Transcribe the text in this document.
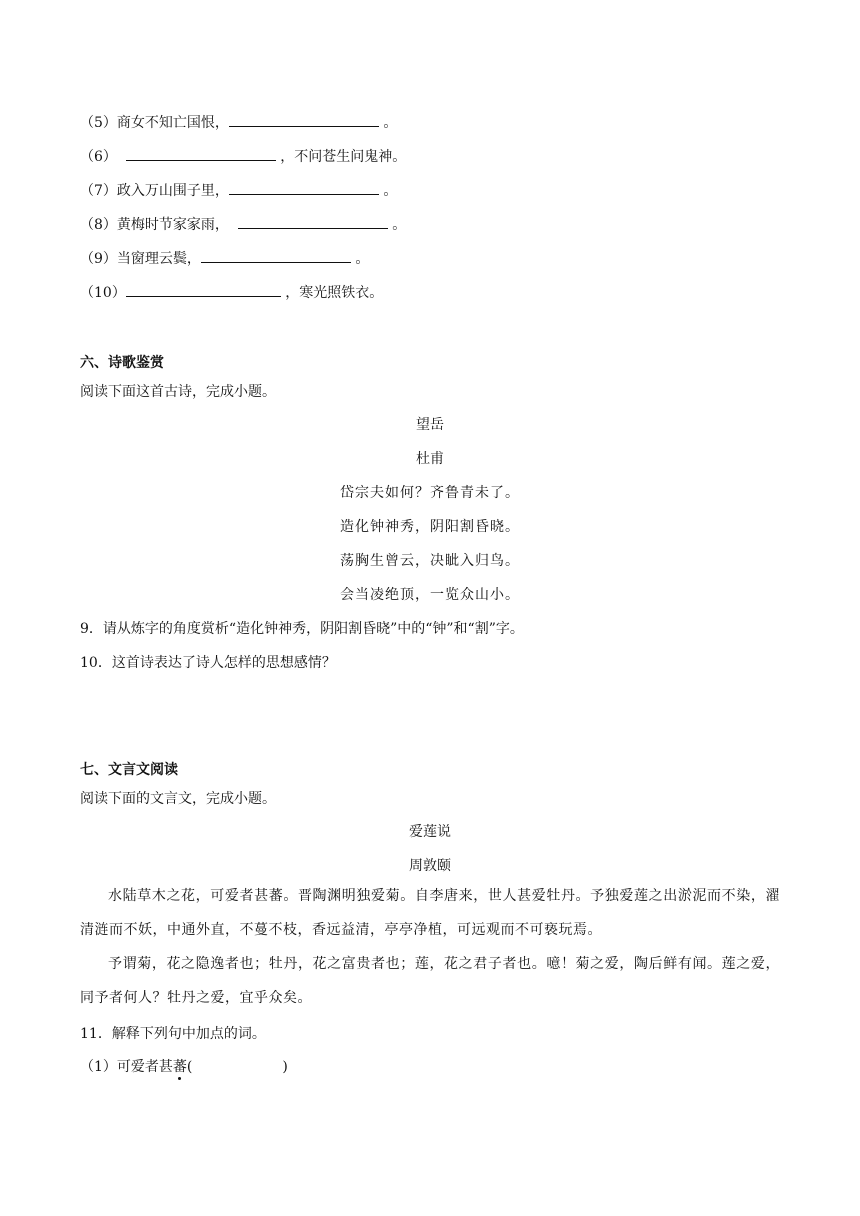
（5）商女不知亡国恨，	。
（6）	，不问苍生问鬼神。
（7）政入万山围子里，	。
（8）黄梅时节家家雨，	。
（9）当窗理云鬓，	。
（10）	，寒光照铁衣。
六、诗歌鉴赏
阅读下面这首古诗，完成小题。
望岳
杜甫
岱宗夫如何？齐鲁青未了。
造化钟神秀，阴阳割昏晓。
荡胸生曾云，决眦入归鸟。
会当凌绝顶，一览众山小。
9．请从炼字的角度赏析“造化钟神秀，阴阳割昏晓”中的“钟”和“割”字。
10．这首诗表达了诗人怎样的思想感情？
七、文言文阅读
阅读下面的文言文，完成小题。
爱莲说
周敦颐
水陆草木之花，可爱者甚蕃。晋陶渊明独爱菊。自李唐来，世人甚爱牡丹。予独爱莲之出淤泥而不染，濯清涟而不妖，中通外直，不蔓不枝，香远益清，亭亭净植，可远观而不可亵玩焉。
予谓菊，花之隐逸者也；牡丹，花之富贵者也；莲，花之君子者也。噫！菊之爱，陶后鲜有闻。莲之爱，同予者何人？牡丹之爱，宜乎众矣。
11．解释下列句中加点的词。
（1）可爱者甚蕃(	)
